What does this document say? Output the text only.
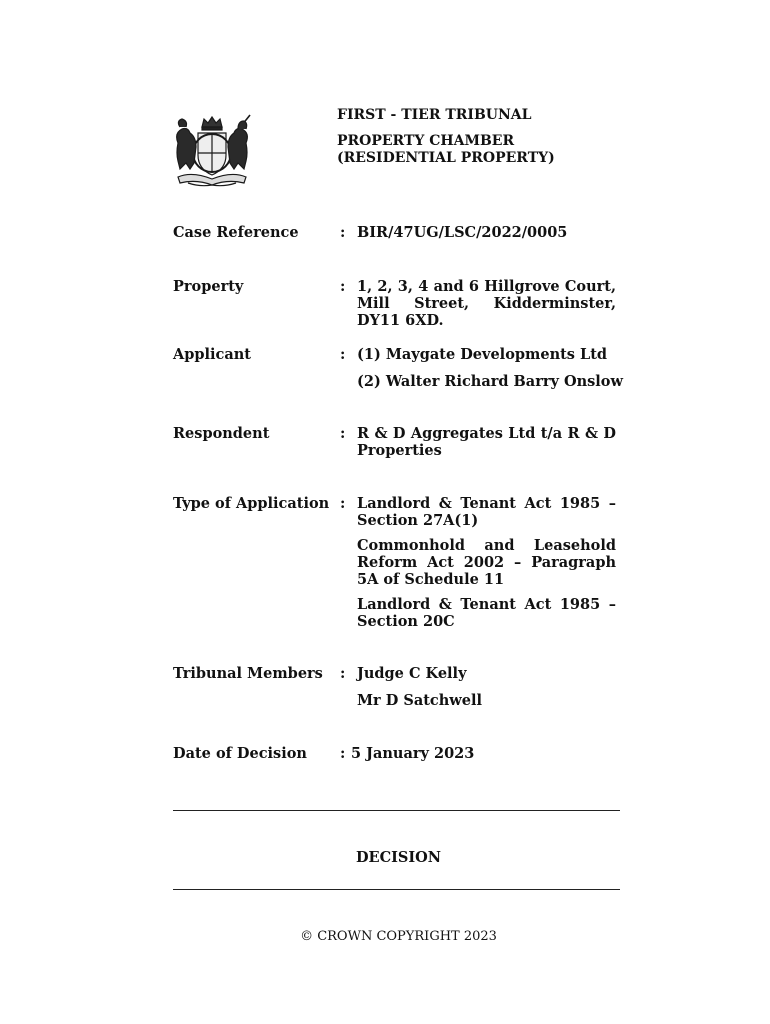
FIRST - TIER TRIBUNAL
PROPERTY CHAMBER
(RESIDENTIAL PROPERTY)
Case Reference	: BIR/47UG/LSC/2022/0005
Property	: 1, 2, 3, 4 and 6 Hillgrove Court, Mill Street, Kidderminster, DY11 6XD.
Applicant	: (1) Maygate Developments Ltd
(2) Walter Richard Barry Onslow
Respondent	: R & D Aggregates Ltd t/a R & D Properties
Type of Application : Landlord & Tenant Act 1985 – Section 27A(1)
Commonhold and Leasehold Reform Act 2002 – Paragraph 5A of Schedule 11
Landlord & Tenant Act 1985 – Section 20C
Tribunal Members : Judge C Kelly
Mr D Satchwell
Date of Decision : 5 January 2023
DECISION
© CROWN COPYRIGHT 2023
